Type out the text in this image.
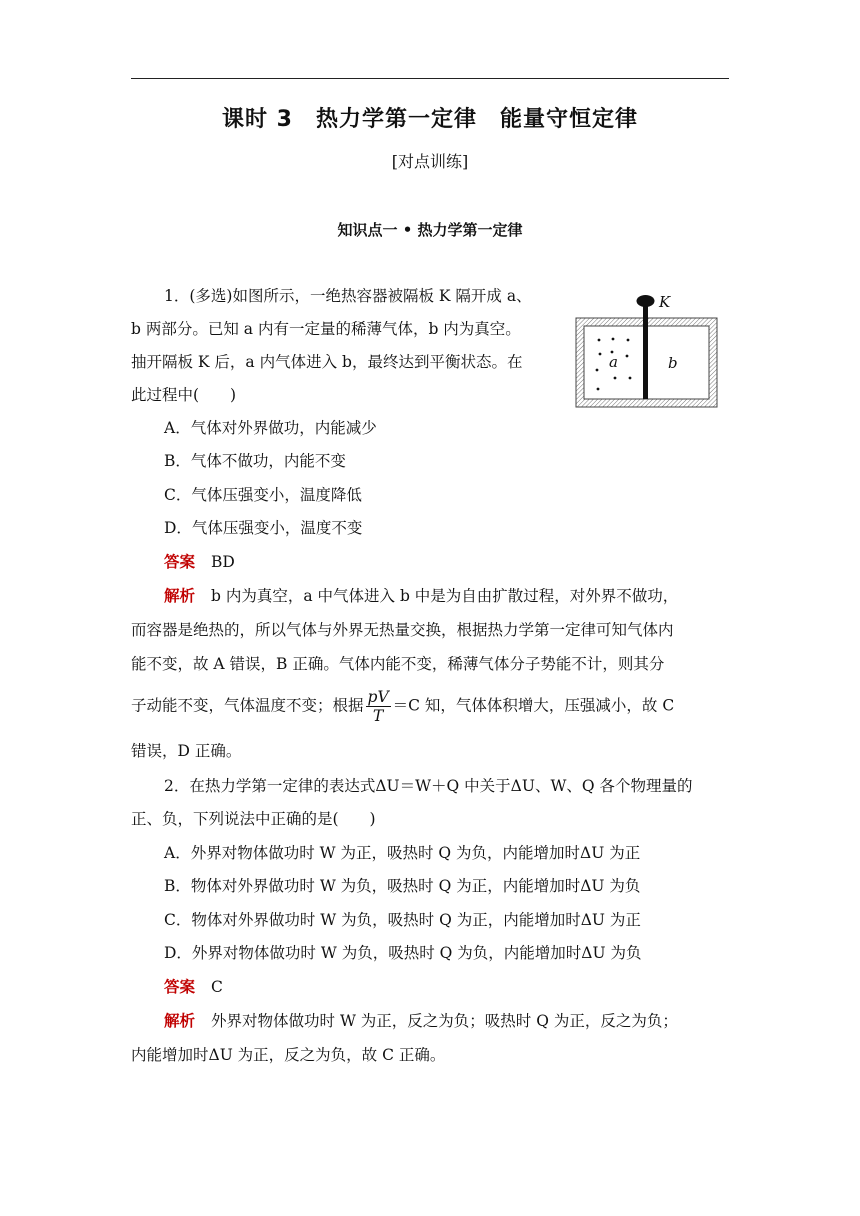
课时 3　热力学第一定律　能量守恒定律
[对点训练]
知识点一 • 热力学第一定律
1．(多选)如图所示，一绝热容器被隔板 K 隔开成 a、
b 两部分。已知 a 内有一定量的稀薄气体，b 内为真空。
抽开隔板 K 后，a 内气体进入 b，最终达到平衡状态。在
此过程中(　　)
K
a	b
A．气体对外界做功，内能减少
B．气体不做功，内能不变
C．气体压强变小，温度降低
D．气体压强变小，温度不变
答案 BD
解析 b 内为真空，a 中气体进入 b 中是为自由扩散过程，对外界不做功，
而容器是绝热的，所以气体与外界无热量交换，根据热力学第一定律可知气体内
能不变，故 A 错误，B 正确。气体内能不变，稀薄气体分子势能不计，则其分
子动能不变，气体温度不变；根据 $\frac{pV}{T} =C$ 知，气体体积增大，压强减小，故 C
错误，D 正确。
2．在热力学第一定律的表达式ΔU＝W＋Q 中关于ΔU、W、Q 各个物理量的
正、负，下列说法中正确的是(　　)
A．外界对物体做功时 W 为正，吸热时 Q 为负，内能增加时ΔU 为正
B．物体对外界做功时 W 为负，吸热时 Q 为正，内能增加时ΔU 为负
C．物体对外界做功时 W 为负，吸热时 Q 为正，内能增加时ΔU 为正
D．外界对物体做功时 W 为负，吸热时 Q 为负，内能增加时ΔU 为负
答案 C
解析 外界对物体做功时 W 为正，反之为负；吸热时 Q 为正，反之为负；
内能增加时ΔU 为正，反之为负，故 C 正确。
